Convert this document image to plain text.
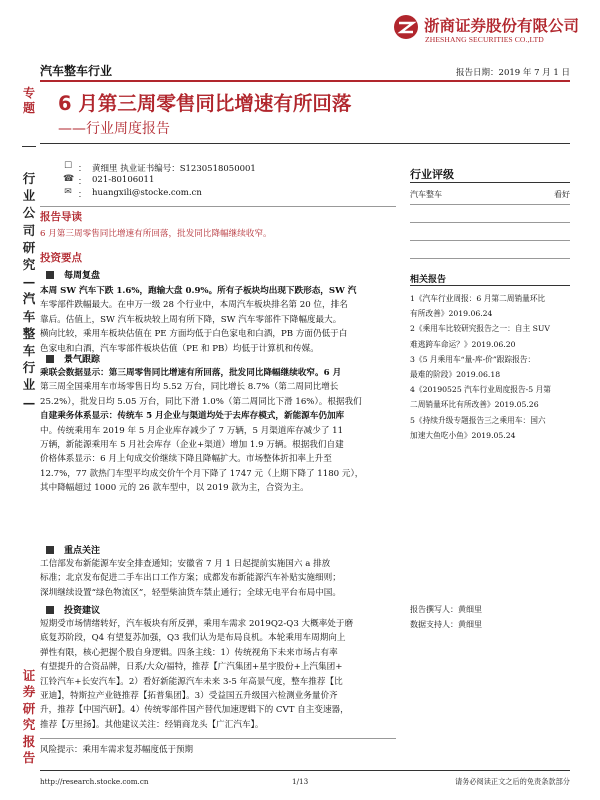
浙商证券股份有限公司
ZHESHANG SECURITIES CO.,LTD
汽车整车行业	报告日期：2019 年 7 月 1 日
专题
行业公司研究—汽车整车行业—
证券研究报告
6 月第三周零售同比增速有所回落
——行业周度报告
☐ ： 黄细里 执业证书编号：S1230518050001
☎ ： 021-80106011
✉ ： huangxili@stocke.com.cn
报告导读
6 月第三周零售同比增速有所回落，批发同比降幅继续收窄。
投资要点
每周复盘
本周 SW 汽车下跌 1.6%，跑输大盘 0.9%。所有子板块均出现下跌形态，SW 汽
车零部件跌幅最大。在申万一级 28 个行业中，本周汽车板块排名第 20 位，排名
靠后。估值上，SW 汽车板块较上周有所下降，SW 汽车零部件下降幅度最大。
横向比较，乘用车板块估值在 PE 方面均低于白色家电和白酒，PB 方面仍低于白
色家电和白酒，汽车零部件板块估值（PE 和 PB）均低于计算机和传媒。
景气跟踪
乘联会数据显示：第三周零售同比增速有所回落，批发同比降幅继续收窄。6 月
第三周全国乘用车市场零售日均 5.52 万台，同比增长 8.7%（第二周同比增长
25.2%），批发日均 5.05 万台，同比下滑 1.0%（第二周同比下滑 16%）。根据我们
自建乘务体系显示：传统车 5 月企业与渠道均处于去库存模式，新能源车仍加库
中。传统乘用车 2019 年 5 月企业库存减少了 7 万辆，5 月渠道库存减少了 11
万辆，新能源乘用车 5 月社会库存（企业+渠道）增加 1.9 万辆。根据我们自建
价格体系显示：6 月上旬成交价继续下降且降幅扩大。市场整体折扣率上升至
12.7%，77 款热门车型平均成交价午个月下降了 1747 元（上期下降了 1180 元），
其中降幅超过 1000 元的 26 款车型中，以 2019 款为主，合资为主。
重点关注
工信部发布新能源车安全排查通知；安徽省 7 月 1 日起提前实施国六 a 排放
标准；北京发布促进二手车出口工作方案；成都发布新能源汽车补贴实施细则；
深圳继续设置“绿色物流区”，轻型柴油货车禁止通行；全球无电平台布局中国。
投资建议
短期受市场情绪转好，汽车板块有所反弹，乘用车需求 2019Q2-Q3 大概率处于磨
底复苏阶段，Q4 有望复苏加强，Q3 我们认为是布局良机。本轮乘用车周期向上
弹性有限，核心把握个股自身逻辑。四条主线：1）传统视角下未来市场占有率
有望提升的合资品牌，日系/大众/福特，推荐【广汽集团+星宇股份+上汽集团+
江铃汽车+长安汽车】。2）看好新能源汽车未来 3-5 年高景气度，整车推荐【比
亚迪】，特斯拉产业链推荐【拓普集团】。3）受益国五升级国六检测业务量价齐
升，推荐【中国汽研】。4）传统零部件国产替代加速逻辑下的 CVT 自主变速器，
推荐【万里扬】。其他建议关注：经销商龙头【广汇汽车】。
风险提示：乘用车需求复苏幅度低于预期
行业评级
汽车整车	看好
相关报告
1《汽车行业周报：6 月第二周销量环比
有所改善》2019.06.24
2《乘用车比较研究报告之一：自主 SUV
难逃跨车命运？》2019.06.20
3《5 月乘用车“量-库-价”跟踪报告：
最难的阶段》2019.06.18
4《20190525 汽车行业周度报告-5 月第
二周销量环比有所改善》2019.05.26
5《持续升级专题报告三之乘用车：国六
加速大鱼吃小鱼》2019.05.24
报告撰写人：黄细里
数据支持人：黄细里
http://research.stocke.com.cn	1/13	请务必阅读正文之后的免责条款部分
